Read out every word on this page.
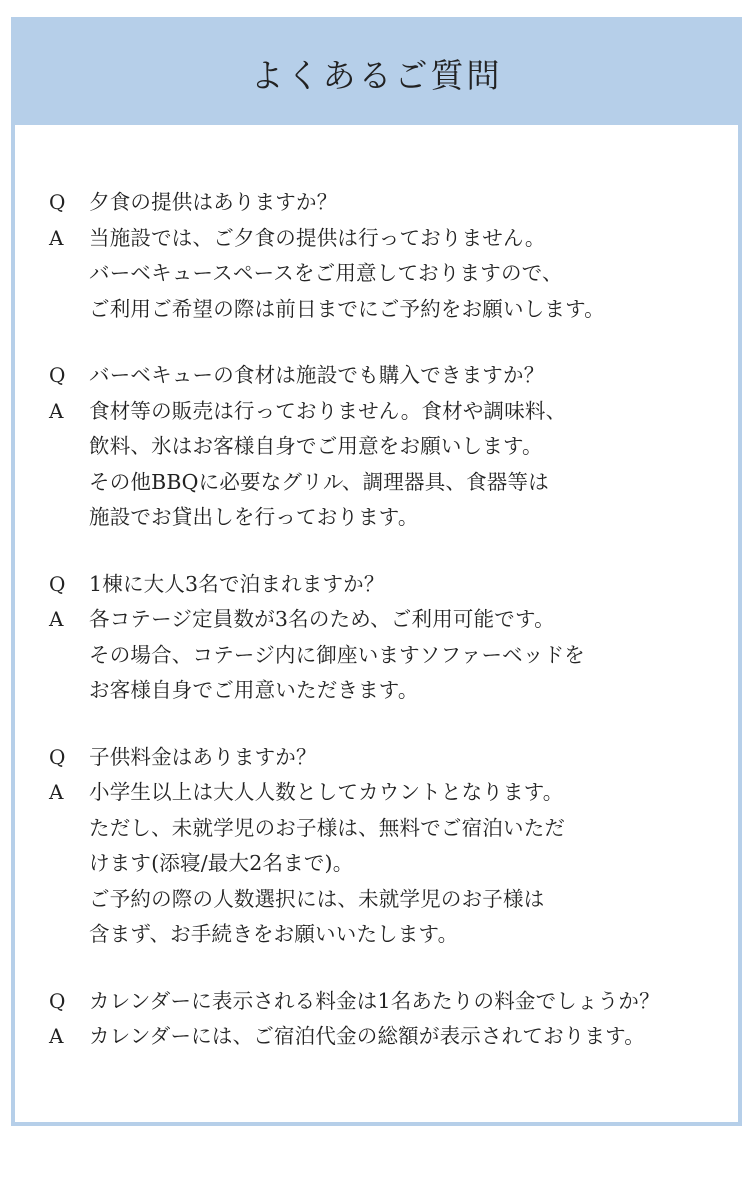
よくあるご質問
Q	夕食の提供はありますか？
A	当施設では、ご夕食の提供は行っておりません。
バーベキュースペースをご用意しておりますので、
ご利用ご希望の際は前日までにご予約をお願いします。
Q	バーベキューの食材は施設でも購入できますか？
A	食材等の販売は行っておりません。食材や調味料、
飲料、氷はお客様自身でご用意をお願いします。
その他BBQに必要なグリル、調理器具、食器等は
施設でお貸出しを行っております。
Q	1棟に大人3名で泊まれますか？
A	各コテージ定員数が3名のため、ご利用可能です。
その場合、コテージ内に御座いますソファーベッドを
お客様自身でご用意いただきます。
Q	子供料金はありますか？
A	小学生以上は大人人数としてカウントとなります。
ただし、未就学児のお子様は、無料でご宿泊いただ
けます(添寝/最大2名まで)。
ご予約の際の人数選択には、未就学児のお子様は
含まず、お手続きをお願いいたします。
Q	カレンダーに表示される料金は1名あたりの料金でしょうか？
A	カレンダーには、ご宿泊代金の総額が表示されております。
